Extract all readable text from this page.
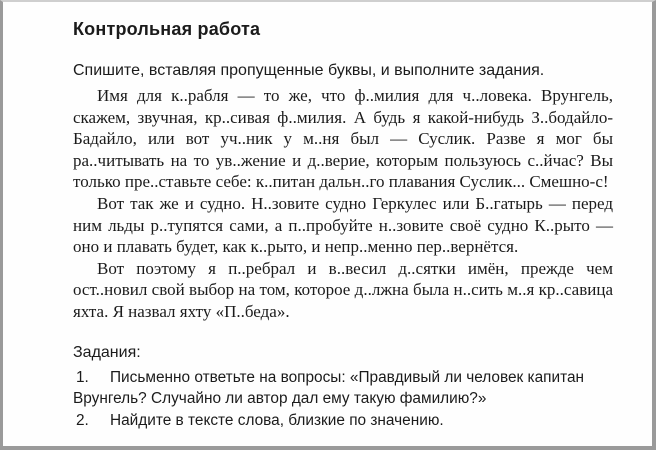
Контрольная работа
Спишите, вставляя пропущенные буквы, и выполните задания.

Имя для к..рабля — то же, что ф..милия для ч..ловека. Врунгель, скажем, звучная, кр..сивая ф..милия. А будь я какой-нибудь З..бодайло-Бадайло, или вот уч..ник у м..ня был — Суслик. Разве я мог бы ра..читывать на то ув..жение и д..верие, которым пользуюсь с..йчас? Вы только пре..ставьте себе: к..питан дальн..го плавания Суслик... Смешно-с!

Вот так же и судно. Н..зовите судно Геркулес или Б..гатырь — перед ним льды р..тупятся сами, а п..пробуйте н..зовите своё судно К..рыто — оно и плавать будет, как к..рыто, и непр..менно пер..вернётся.

Вот поэтому я п..ребрал и в..весил д..сятки имён, прежде чем ост..новил свой выбор на том, которое д..лжна была н..сить м..я кр..савица яхта. Я назвал яхту «П..беда».

Задания:
1. Письменно ответьте на вопросы: «Правдивый ли человек капитан Врунгель? Случайно ли автор дал ему такую фамилию?»
2. Найдите в тексте слова, близкие по значению.
